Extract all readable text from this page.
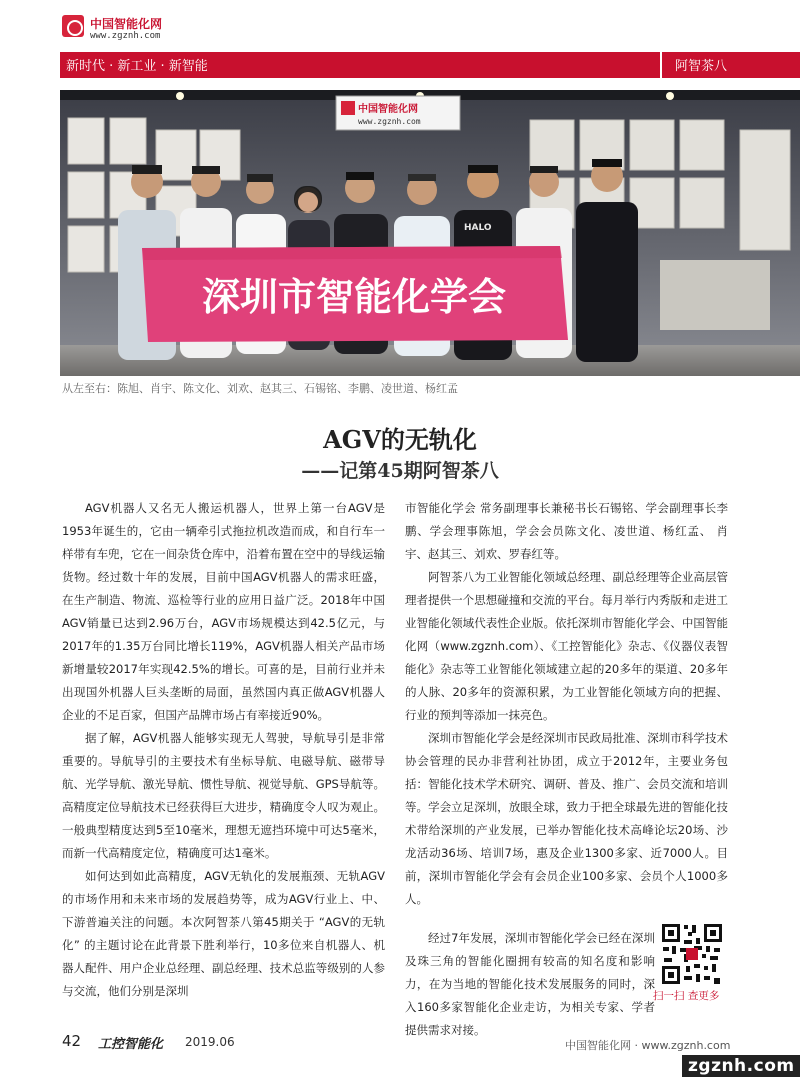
中国智能化网
www.zgznh.com
新时代 · 新工业 · 新智能	阿智茶八
中国智能化网
www.zgznh.com
HALO
深圳市智能化学会
从左至右：陈旭、肖宇、陈文化、刘欢、赵其三、石锡铭、李鹏、凌世道、杨红孟
AGV的无轨化
——记第45期阿智茶八

AGV机器人又名无人搬运机器人，世界上第一台AGV是1953年诞生的，它由一辆牵引式拖拉机改造而成，和自行车一样带有车兜，它在一间杂货仓库中，沿着布置在空中的导线运输货物。经过数十年的发展，目前中国AGV机器人的需求旺盛，在生产制造、物流、巡检等行业的应用日益广泛。2018年中国AGV销量已达到2.96万台，AGV市场规模达到42.5亿元，与2017年的1.35万台同比增长119%，AGV机器人相关产品市场新增量较2017年实现42.5%的增长。可喜的是，目前行业并未出现国外机器人巨头垄断的局面，虽然国内真正做AGV机器人企业的不足百家，但国产品牌市场占有率接近90%。

据了解，AGV机器人能够实现无人驾驶，导航导引是非常重要的。导航导引的主要技术有坐标导航、电磁导航、磁带导航、光学导航、激光导航、惯性导航、视觉导航、GPS导航等。高精度定位导航技术已经获得巨大进步，精确度令人叹为观止。一般典型精度达到5至10毫米，理想无遮挡环境中可达5毫米，而新一代高精度定位，精确度可达1毫米。

如何达到如此高精度，AGV无轨化的发展瓶颈、无轨AGV的市场作用和未来市场的发展趋势等，成为AGV行业上、中、下游普遍关注的问题。本次阿智茶八第45期关于 “AGV的无轨化” 的主题讨论在此背景下胜利举行，10多位来自机器人、机器人配件、用户企业总经理、副总经理、技术总监等级别的人参与交流，他们分别是深圳

市智能化学会 常务副理事长兼秘书长石锡铭、学会副理事长李鹏、学会理事陈旭，学会会员陈文化、凌世道、杨红孟、 肖宇、赵其三、刘欢、罗春红等。

阿智茶八为工业智能化领域总经理、副总经理等企业高层管理者提供一个思想碰撞和交流的平台。每月举行内秀版和走进工业智能化领域代表性企业版。依托深圳市智能化学会、中国智能化网（www.zgznh.com）、《工控智能化》杂志、《仪器仪表智能化》杂志等工业智能化领域建立起的20多年的渠道、20多年的人脉、20多年的资源积累，为工业智能化领域方向的把握、行业的预判等添加一抹亮色。

深圳市智能化学会是经深圳市民政局批准、深圳市科学技术协会管理的民办非营利社协团，成立于2012年，主要业务包括：智能化技术学术研究、调研、普及、推广、会员交流和培训等。学会立足深圳，放眼全球，致力于把全球最先进的智能化技术带给深圳的产业发展，已举办智能化技术高峰论坛20场、沙龙活动36场、培训7场，惠及企业1300多家、近7000人。目前，深圳市智能化学会有会员企业100多家、会员个人1000多人。

经过7年发展，深圳市智能化学会已经在深圳及珠三角的智能化圈拥有较高的知名度和影响力，在为当地的智能化技术发展服务的同时，深入160多家智能化企业走访，为相关专家、学者提供需求对接。

扫一扫 查更多
42 工控智能化 2019.06	中国智能化网 · www.zgznh.com
zgznh.com
